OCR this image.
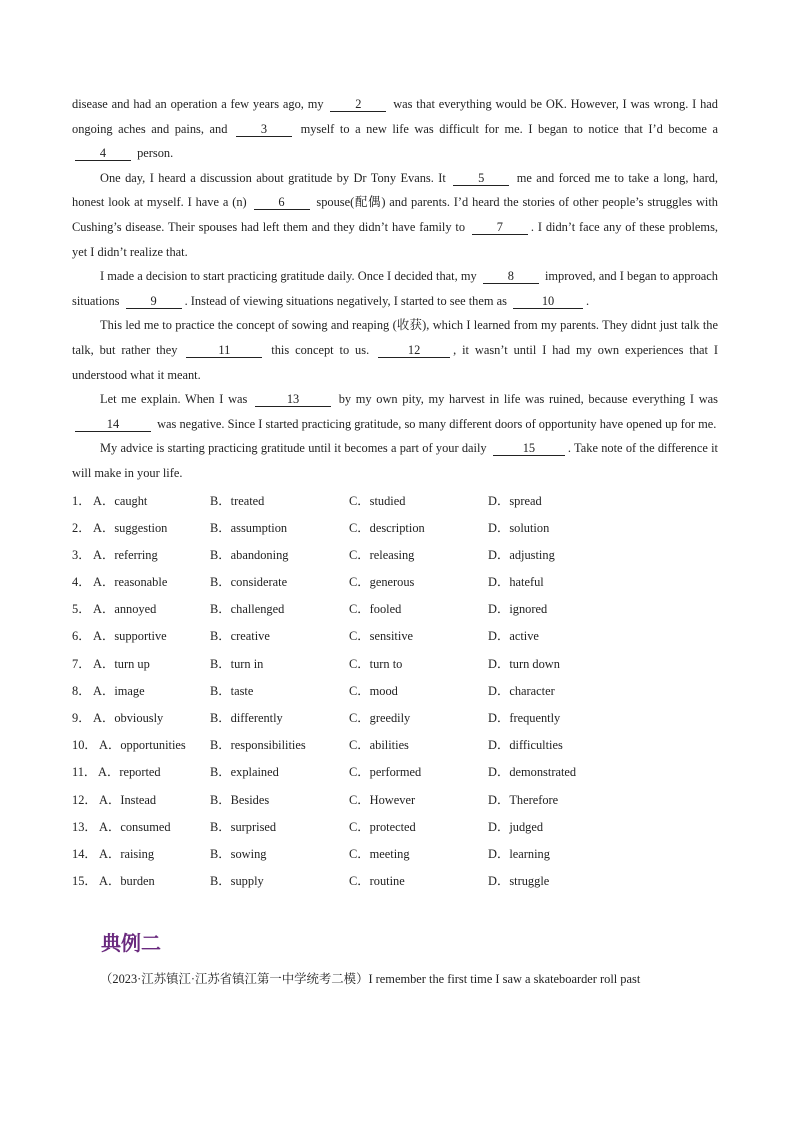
disease and had an operation a few years ago, my 2 was that everything would be OK. However, I was wrong. I had ongoing aches and pains, and 3 myself to a new life was difficult for me. I began to notice that I’d become a 4 person.

One day, I heard a discussion about gratitude by Dr Tony Evans. It 5 me and forced me to take a long, hard, honest look at myself. I have a (n) 6 spouse(配偶) and parents. I’d heard the stories of other people’s struggles with Cushing’s disease. Their spouses had left them and they didn’t have family to 7 . I didn’t face any of these problems, yet I didn’t realize that.

I made a decision to start practicing gratitude daily. Once I decided that, my 8 improved, and I began to approach situations 9 . Instead of viewing situations negatively, I started to see them as	10	.

This led me to practice the concept of sowing and reaping (收获), which I learned from my parents. They didnt just talk the talk, but rather they	11	this concept to us.	12	, it wasn’t until I had my own experiences that I understood what it meant.

Let me explain. When I was	13	by my own pity, my harvest in life was ruined, because everything I was 14	was negative. Since I started practicing gratitude, so many different doors of opportunity have opened up for me.

My advice is starting practicing gratitude until it becomes a part of your daily	15	. Take note of the difference it will make in your life.

1． A．caught	B．treated	C．studied	D．spread
2． A．suggestion	B．assumption	C．description	D．solution
3． A．referring	B．abandoning	C．releasing	D．adjusting
4． A．reasonable	B．considerate	C．generous	D．hateful
5． A．annoyed	B．challenged	C．fooled	D．ignored
6． A．supportive	B．creative	C．sensitive	D．active
7． A．turn up	B．turn in	C．turn to	D．turn down
8． A．image	B．taste	C．mood	D．character
9． A．obviously	B．differently	C．greedily	D．frequently
10． A．opportunities B．responsibilities	C．abilities	D．difficulties
11． A．reported	B．explained	C．performed	D．demonstrated
12． A．Instead	B．Besides	C．However	D．Therefore
13． A．consumed	B．surprised	C．protected	D．judged
14． A．raising	B．sowing	C．meeting	D．learning
15． A．burden	B．supply	C．routine	D．struggle
典例二
（2023·江苏镇江·江苏省镇江第一中学统考二模）I remember the first time I saw a skateboarder roll past
